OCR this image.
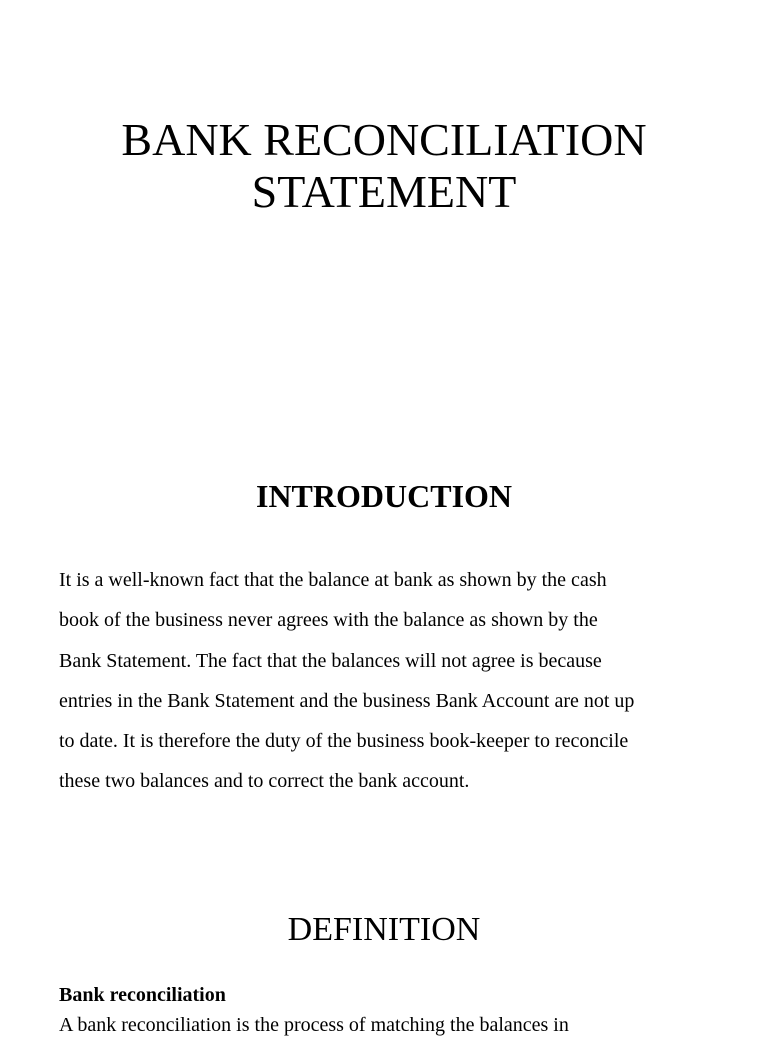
BANK RECONCILIATION
STATEMENT
INTRODUCTION

It is a well-known fact that the balance at bank as shown by the cash
book of the business never agrees with the balance as shown by the
Bank Statement. The fact that the balances will not agree is because
entries in the Bank Statement and the business Bank Account are not up
to date. It is therefore the duty of the business book-keeper to reconcile
these two balances and to correct the bank account.

DEFINITION

Bank reconciliation

A bank reconciliation is the process of matching the balances in
